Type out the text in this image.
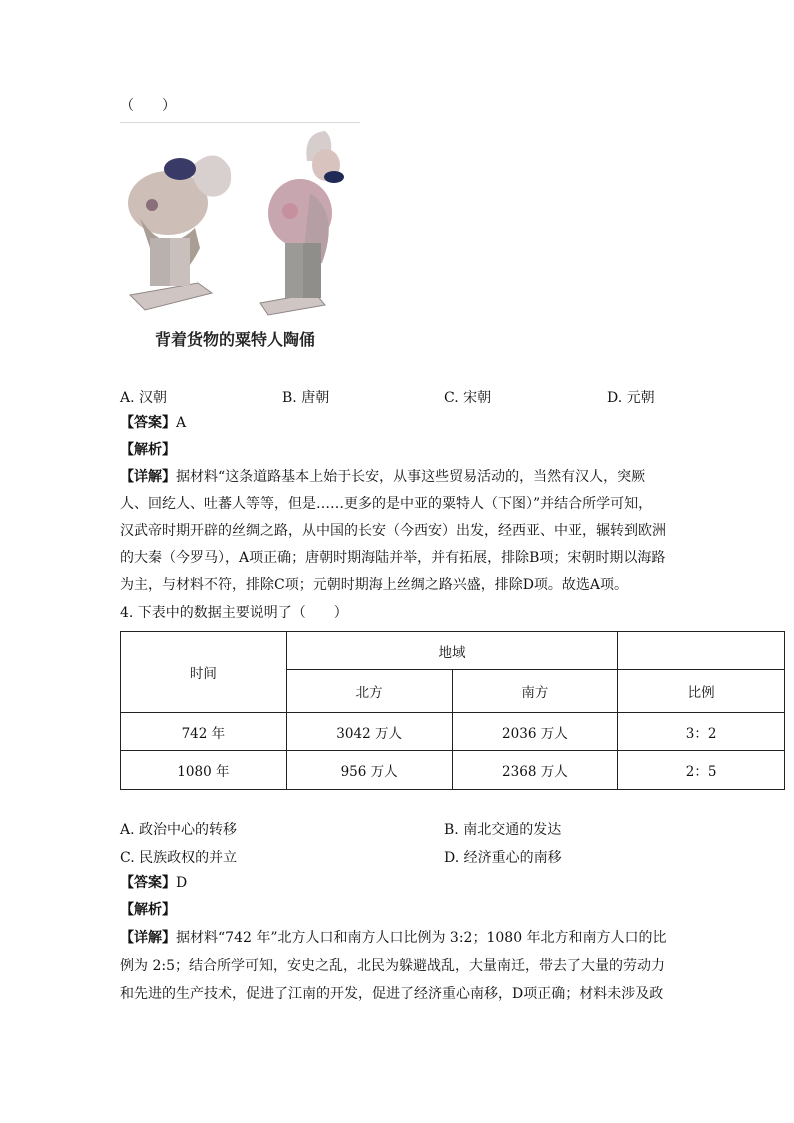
（　　）
背着货物的粟特人陶俑
A. 汉朝	B. 唐朝	C. 宋朝	D. 元朝
【答案】A
【解析】
【详解】据材料“这条道路基本上始于长安，从事这些贸易活动的，当然有汉人，突厥
人、回纥人、吐蕃人等等，但是……更多的是中亚的粟特人（下图）”并结合所学可知，
汉武帝时期开辟的丝绸之路，从中国的长安（今西安）出发，经西亚、中亚，辗转到欧洲
的大秦（今罗马），A项正确；唐朝时期海陆并举，并有拓展，排除B项；宋朝时期以海路
为主，与材料不符，排除C项；元朝时期海上丝绸之路兴盛，排除D项。故选A项。
4. 下表中的数据主要说明了（　　）
时间	地域		
	北方	南方	比例
742 年	3042 万人	2036 万人	3：2
1080 年	956 万人	2368 万人	2：5
A. 政治中心的转移	B. 南北交通的发达
C. 民族政权的并立	D. 经济重心的南移
【答案】D
【解析】
【详解】据材料“742 年”北方人口和南方人口比例为 3:2；1080 年北方和南方人口的比
例为 2:5；结合所学可知，安史之乱，北民为躲避战乱，大量南迁，带去了大量的劳动力
和先进的生产技术，促进了江南的开发，促进了经济重心南移，D项正确；材料未涉及政
